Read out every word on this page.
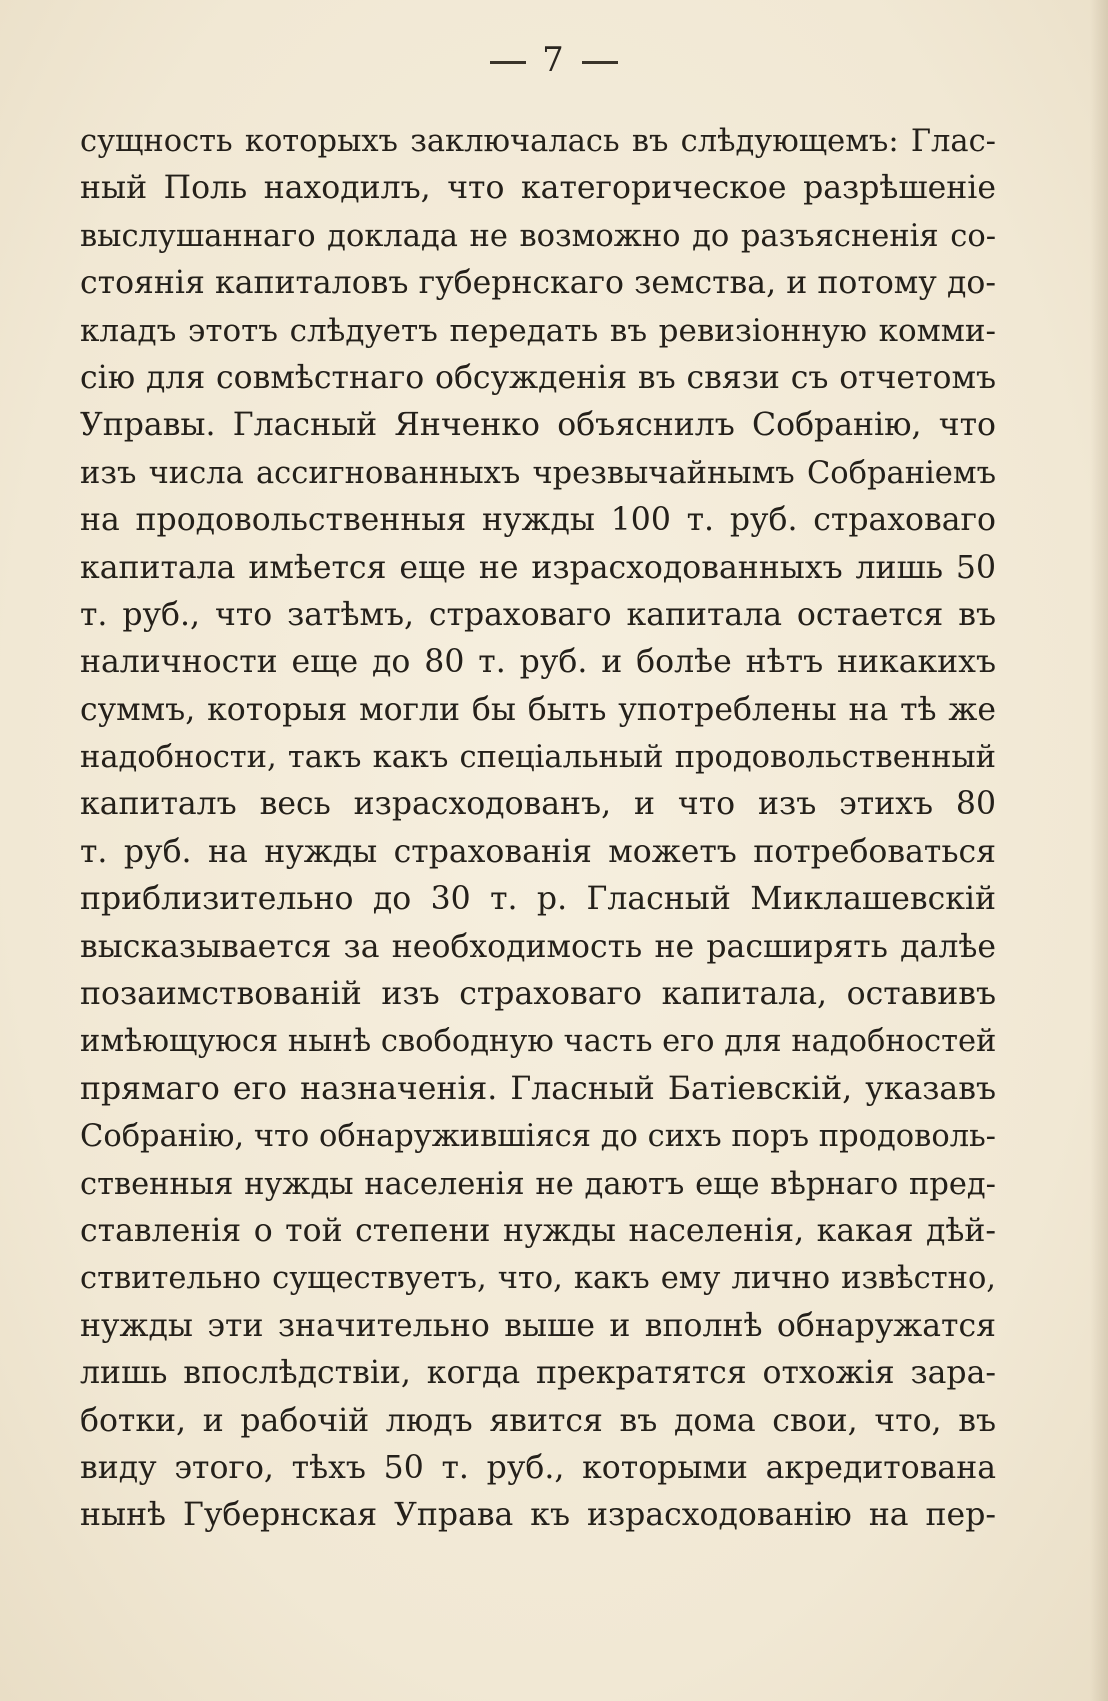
7
сущность которыхъ заключалась въ слѣдующемъ: Глас-
ный Поль находилъ, что категорическое разрѣшеніе
выслушаннаго доклада не возможно до разъясненія со-
стоянія капиталовъ губернскаго земства, и потому до-
кладъ этотъ слѣдуетъ передать въ ревизіонную комми-
сію для совмѣстнаго обсужденія въ связи съ отчетомъ
Управы. Гласный Янченко объяснилъ Собранію, что
изъ числа ассигнованныхъ чрезвычайнымъ Собраніемъ
на продовольственныя нужды 100 т. руб. страховаго
капитала имѣется еще не израсходованныхъ лишь 50
т. руб., что затѣмъ, страховаго капитала остается въ
наличности еще до 80 т. руб. и болѣе нѣтъ никакихъ
суммъ, которыя могли бы быть употреблены на тѣ же
надобности, такъ какъ спецiальный продовольственный
капиталъ весь израсходованъ, и что изъ этихъ 80
т. руб. на нужды страхованія можетъ потребоваться
приблизительно до 30 т. р. Гласный Миклашевскій
высказывается за необходимость не расширять далѣе
позаимствованій изъ страховаго капитала, оставивъ
имѣющуюся нынѣ свободную часть его для надобностей
прямаго его назначенія. Гласный Батіевскій, указавъ
Собранію, что обнаружившіяся до сихъ поръ продоволь-
ственныя нужды населенія не даютъ еще вѣрнаго пред-
ставленія о той степени нужды населенія, какая дѣй-
ствительно существуетъ, что, какъ ему лично извѣстно,
нужды эти значительно выше и вполнѣ обнаружатся
лишь впослѣдствіи, когда прекратятся отхожія зара-
ботки, и рабочій людъ явится въ дома свои, что, въ
виду этого, тѣхъ 50 т. руб., которыми акредитована
нынѣ Губернская Управа къ израсходованію на пер-
